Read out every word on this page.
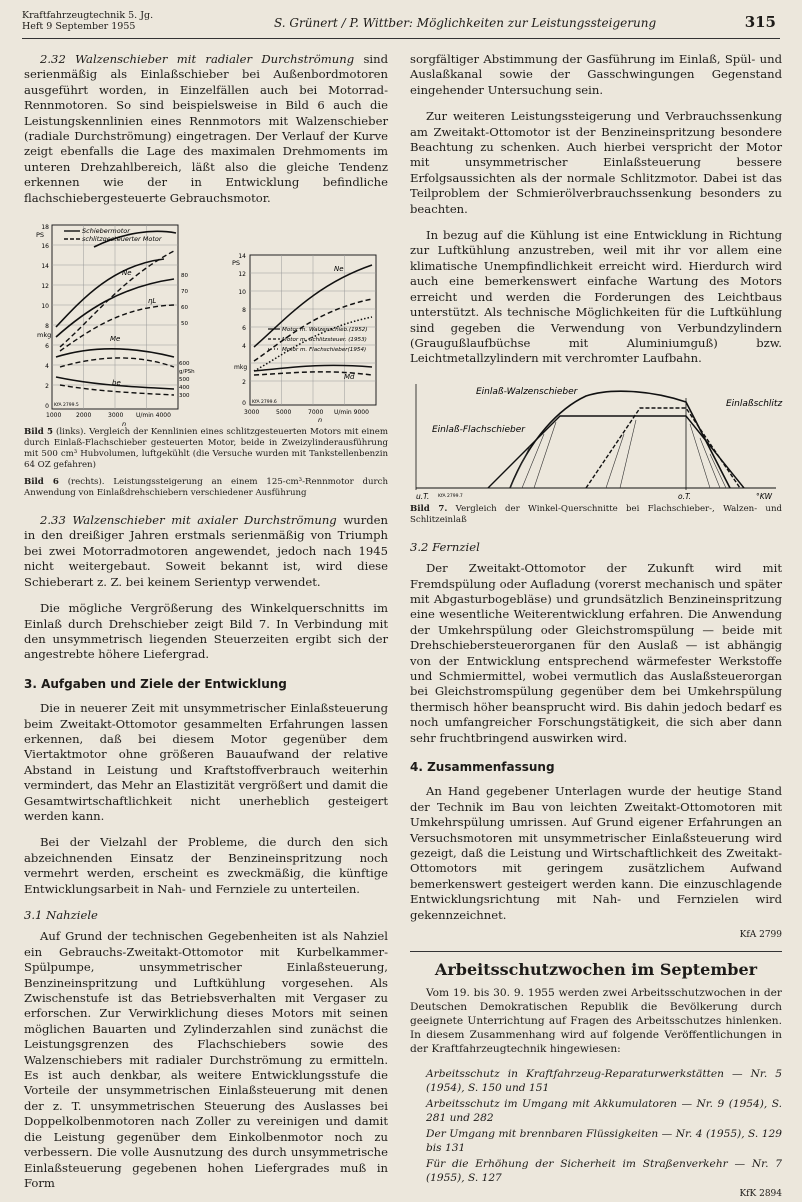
Kraftfahrzeugtechnik 5. Jg.
Heft 9 September 1955	S. Grünert / P. Wittber: Möglichkeiten zur Leistungssteigerung	315

2.32 Walzenschieber mit radialer Durchströmung sind serienmäßig als Einlaßschieber bei Außenbordmotoren ausgeführt worden, in Einzelfällen auch bei Motorrad-Rennmotoren. So sind beispielsweise in Bild 6 auch die Leistungskennlinien eines Rennmotors mit Walzenschieber (radiale Durchströmung) eingetragen. Der Verlauf der Kurve zeigt ebenfalls die Lage des maximalen Drehmoments im unteren Drehzahlbereich, läßt also die gleiche Tendenz erkennen wie der in Entwicklung befindliche flachschiebergesteuerte Gebrauchsmotor.

Schiebermotor
schlitzgesteuerter Motor
Ne
ηL
Me
be
PS
mkg
18
16
14
12
10
8
6
4
2
0
80
70
60
50
600
g/PSh
500
400
300
1000 2000	3000 U/min 4000
n
KfA 2799.5
Motor m. Walzenschieb.(1952)
Motor m. Schlitzsteuer. (1953)
Motor m. Flachschieber(1954)
Ne
Md
PS
mkg
14
12
10
8
6
4
2
0
3000	5000	7000 U/min 9000
n
KfA 2799.6
Bild 5 (links). Vergleich der Kennlinien eines schlitzgesteuerten Motors mit einem durch Einlaß-Flachschieber gesteuerten Motor, beide in Zweizylinderausführung mit 500 cm³ Hubvolumen, luftgekühlt (die Versuche wurden mit Tankstellenbenzin 64 OZ gefahren)
Bild 6 (rechts). Leistungssteigerung an einem 125-cm³-Rennmotor durch Anwendung von Einlaßdrehschiebern verschiedener Ausführung

2.33 Walzenschieber mit axialer Durchströmung wurden in den dreißiger Jahren erstmals serienmäßig von Triumph bei zwei Motorradmotoren angewendet, jedoch nach 1945 nicht weitergebaut. Soweit bekannt ist, wird diese Schieberart z. Z. bei keinem Serientyp verwendet.

Die mögliche Vergrößerung des Winkelquerschnitts im Einlaß durch Drehschieber zeigt Bild 7. In Verbindung mit den unsymmetrisch liegenden Steuerzeiten ergibt sich der angestrebte höhere Liefergrad.

3. Aufgaben und Ziele der Entwicklung

Die in neuerer Zeit mit unsymmetrischer Einlaßsteuerung beim Zweitakt-Ottomotor gesammelten Erfahrungen lassen erkennen, daß bei diesem Motor gegenüber dem Viertaktmotor ohne größeren Bauaufwand der relative Abstand in Leistung und Kraftstoffverbrauch weiterhin vermindert, das Mehr an Elastizität vergrößert und damit die Gesamtwirtschaftlichkeit nicht unerheblich gesteigert werden kann.

Bei der Vielzahl der Probleme, die durch den sich abzeichnenden Einsatz der Benzineinspritzung noch vermehrt werden, erscheint es zweckmäßig, die künftige Entwicklungsarbeit in Nah- und Fernziele zu unterteilen.

3.1 Nahziele

Auf Grund der technischen Gegebenheiten ist als Nahziel ein Gebrauchs-Zweitakt-Ottomotor mit Kurbelkammer-Spülpumpe, unsymmetrischer Einlaßsteuerung, Benzineinspritzung und Luftkühlung vorgesehen. Als Zwischenstufe ist das Betriebsverhalten mit Vergaser zu erforschen. Zur Verwirklichung dieses Motors mit seinen möglichen Bauarten und Zylinderzahlen sind zunächst die Leistungsgrenzen des Flachschiebers sowie des Walzenschiebers mit radialer Durchströmung zu ermitteln. Es ist auch denkbar, als weitere Entwicklungsstufe die Vorteile der unsymmetrischen Einlaßsteuerung mit denen der z. T. unsymmetrischen Steuerung des Auslasses bei Doppelkolbenmotoren nach Zoller zu vereinigen und damit die Leistung gegenüber dem Einkolbenmotor noch zu verbessern. Die volle Ausnutzung des durch unsymmetrische Einlaßsteuerung gegebenen hohen Liefergrades muß in Form

sorgfältiger Abstimmung der Gasführung im Einlaß, Spül- und Auslaßkanal sowie der Gasschwingungen Gegenstand eingehender Untersuchung sein.

Zur weiteren Leistungssteigerung und Verbrauchssenkung am Zweitakt-Ottomotor ist der Benzineinspritzung besondere Beachtung zu schenken. Auch hierbei verspricht der Motor mit unsymmetrischer Einlaßsteuerung bessere Erfolgsaussichten als der normale Schlitzmotor. Dabei ist das Teilproblem der Schmierölverbrauchssenkung besonders zu beachten.

In bezug auf die Kühlung ist eine Entwicklung in Richtung zur Luftkühlung anzustreben, weil mit ihr vor allem eine klimatische Unempfindlichkeit erreicht wird. Hierdurch wird auch eine bemerkenswert einfache Wartung des Motors erreicht und werden die Forderungen des Leichtbaus unterstützt. Als technische Möglichkeiten für die Luftkühlung sind gegeben die Verwendung von Verbundzylindern (Graugußlaufbüchse mit Aluminiumguß) bzw. Leichtmetallzylindern mit verchromter Laufbahn.

Einlaß-Walzenschieber
Einlaßschlitz
Einlaß-Flachschieber
u.T.	o.T.	°KW
KfA 2799.7
Bild 7. Vergleich der Winkel-Querschnitte bei Flachschieber-, Walzen- und Schlitzeinlaß
3.2 Fernziel

Der Zweitakt-Ottomotor der Zukunft wird mit Fremdspülung oder Aufladung (vorerst mechanisch und später mit Abgasturbogebläse) und grundsätzlich Benzineinspritzung eine wesentliche Weiterentwicklung erfahren. Die Anwendung der Umkehrspülung oder Gleichstromspülung — beide mit Drehschiebersteuerorganen für den Auslaß — ist abhängig von der Entwicklung entsprechend wärmefester Werkstoffe und Schmiermittel, wobei vermutlich das Auslaßsteuerorgan bei Gleichstromspülung gegenüber dem bei Umkehrspülung thermisch höher beansprucht wird. Bis dahin jedoch bedarf es noch umfangreicher Forschungstätigkeit, die sich aber dann sehr fruchtbringend auswirken wird.

4. Zusammenfassung

An Hand gegebener Unterlagen wurde der heutige Stand der Technik im Bau von leichten Zweitakt-Ottomotoren mit Umkehrspülung umrissen. Auf Grund eigener Erfahrungen an Versuchsmotoren mit unsymmetrischer Einlaßsteuerung wird gezeigt, daß die Leistung und Wirtschaftlichkeit des Zweitakt-Ottomotors mit geringem zusätzlichem Aufwand bemerkenswert gesteigert werden kann. Die einzuschlagende Entwicklungsrichtung mit Nah- und Fernzielen wird gekennzeichnet.

KfA 2799
Arbeitsschutzwochen im September

Vom 19. bis 30. 9. 1955 werden zwei Arbeitsschutzwochen in der Deutschen Demokratischen Republik die Bevölkerung durch geeignete Unterrichtung auf Fragen des Arbeitsschutzes hinlenken. In diesem Zusammenhang wird auf folgende Veröffentlichungen in der Kraftfahrzeugtechnik hingewiesen:

Arbeitsschutz in Kraftfahrzeug-Reparaturwerkstätten — Nr. 5 (1954), S. 150 und 151

Arbeitsschutz im Umgang mit Akkumulatoren — Nr. 9 (1954), S. 281 und 282

Der Umgang mit brennbaren Flüssigkeiten — Nr. 4 (1955), S. 129 bis 131

Für die Erhöhung der Sicherheit im Straßenverkehr — Nr. 7 (1955), S. 127

KfK 2894
